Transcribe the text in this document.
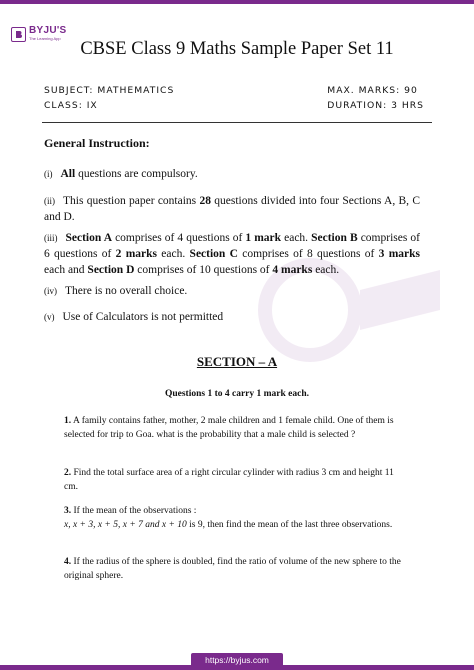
BYJU'S
The Learning App
CBSE Class 9 Maths Sample Paper Set 11
SUBJECT: MATHEMATICS
CLASS: IX
MAX. MARKS: 90
DURATION: 3 HRS
General Instruction:
(i) All questions are compulsory.
(ii) This question paper contains 28 questions divided into four Sections A, B, C and D.
(iii) Section A comprises of 4 questions of 1 mark each. Section B comprises of 6 questions of 2 marks each. Section C comprises of 8 questions of 3 marks each and Section D comprises of 10 questions of 4 marks each.
(iv) There is no overall choice.
(v) Use of Calculators is not permitted
SECTION – A
Questions 1 to 4 carry 1 mark each.
1. A family contains father, mother, 2 male children and 1 female child. One of them is selected for trip to Goa. what is the probability that a male child is selected ?
2. Find the total surface area of a right circular cylinder with radius 3 cm and height 11 cm.
3. If the mean of the observations :
x, x + 3, x + 5, x + 7 and x + 10 is 9, then find the mean of the last three observations.
4. If the radius of the sphere is doubled, find the ratio of volume of the new sphere to the original sphere.
https://byjus.com
